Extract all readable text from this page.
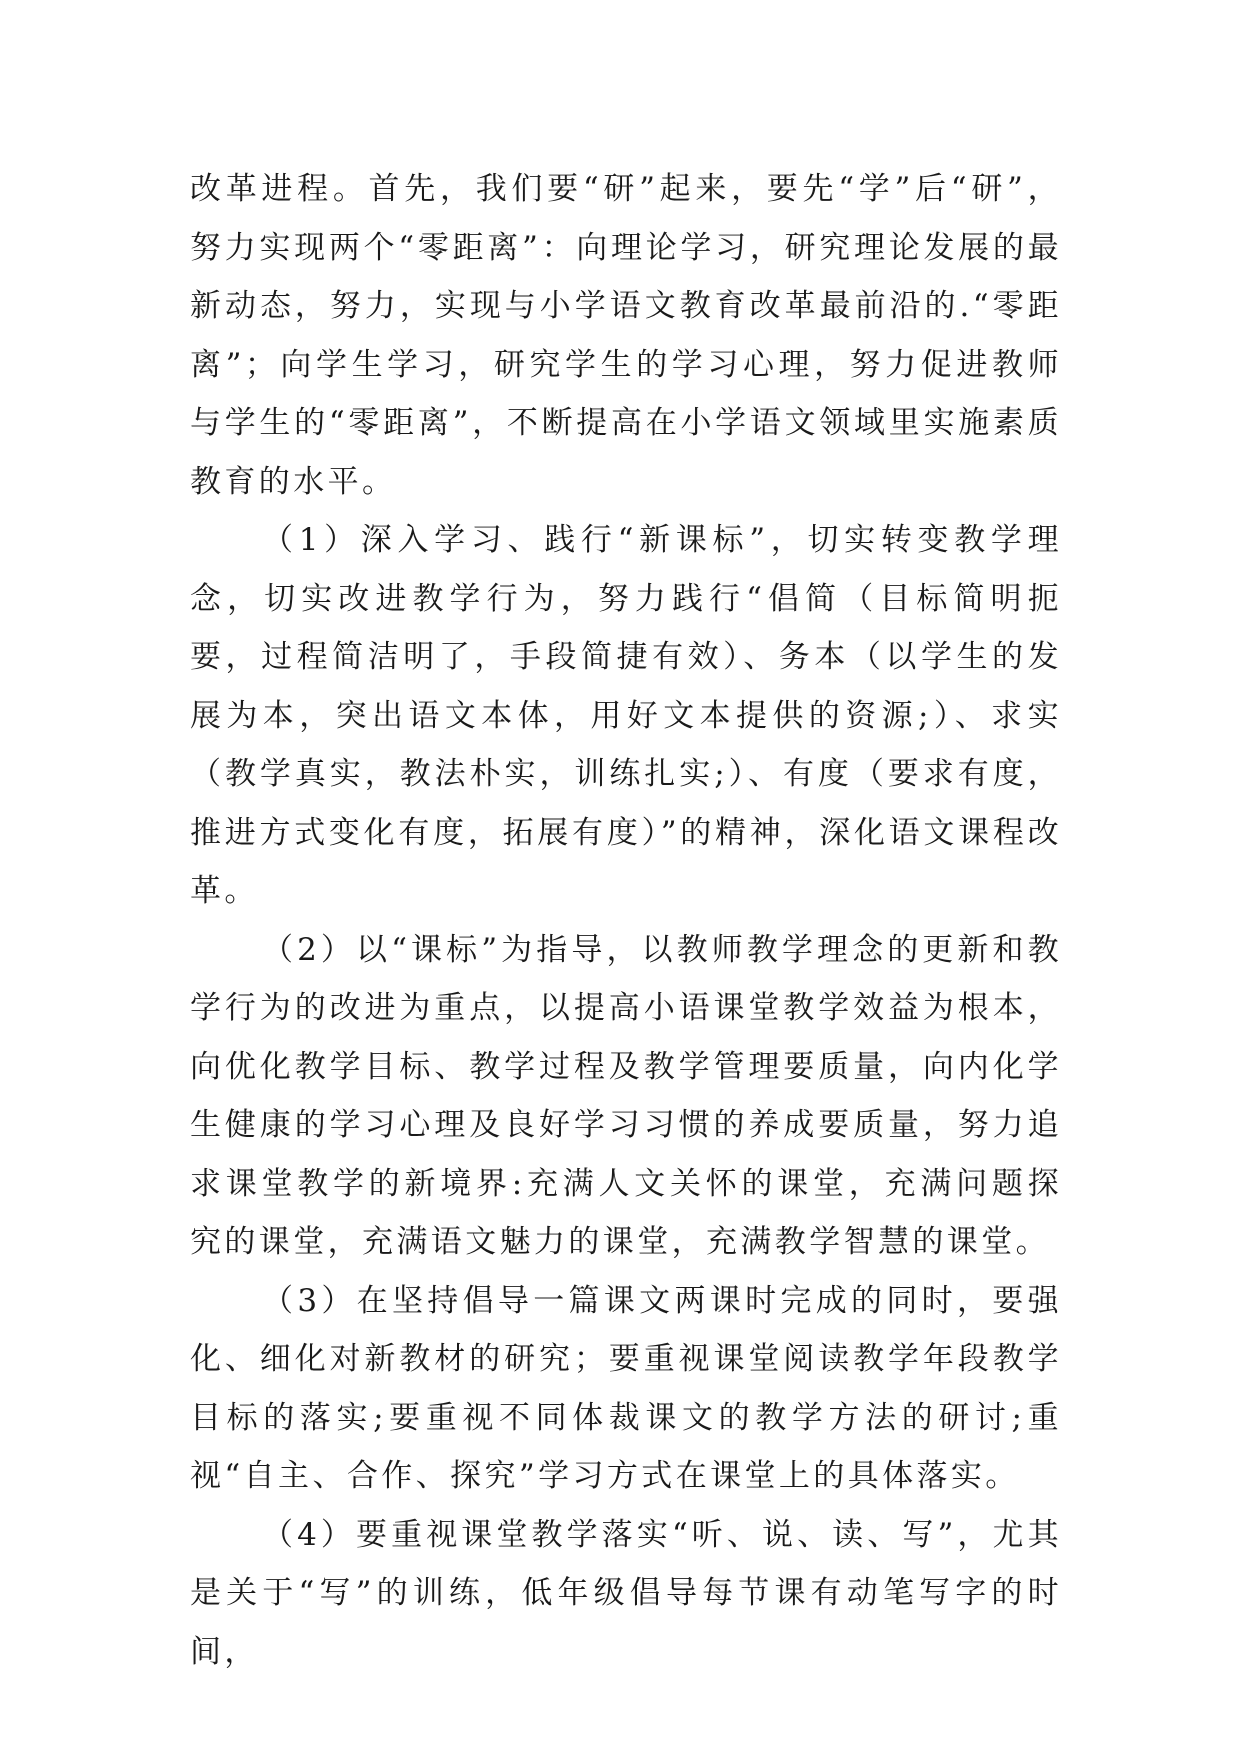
改革进程。首先，我们要“研”起来，要先“学”后“研”，努力实现两个“零距离”：向理论学习，研究理论发展的最新动态，努力，实现与小学语文教育改革最前沿的.“零距离”；向学生学习，研究学生的学习心理，努力促进教师与学生的“零距离”，不断提高在小学语文领域里实施素质教育的水平。

（1）深入学习、践行“新课标”，切实转变教学理念，切实改进教学行为，努力践行“倡简（目标简明扼要，过程简洁明了，手段简捷有效）、务本（以学生的发展为本，突出语文本体，用好文本提供的资源;）、求实（教学真实，教法朴实，训练扎实;）、有度（要求有度，推进方式变化有度，拓展有度）”的精神，深化语文课程改革。

（2）以“课标”为指导，以教师教学理念的更新和教学行为的改进为重点，以提高小语课堂教学效益为根本，向优化教学目标、教学过程及教学管理要质量，向内化学生健康的学习心理及良好学习习惯的养成要质量，努力追求课堂教学的新境界:充满人文关怀的课堂，充满问题探究的课堂，充满语文魅力的课堂，充满教学智慧的课堂。

（3）在坚持倡导一篇课文两课时完成的同时，要强化、细化对新教材的研究；要重视课堂阅读教学年段教学目标的落实;要重视不同体裁课文的教学方法的研讨;重视“自主、合作、探究”学习方式在课堂上的具体落实。

（4）要重视课堂教学落实“听、说、读、写”，尤其是关于“写”的训练，低年级倡导每节课有动笔写字的时间，
